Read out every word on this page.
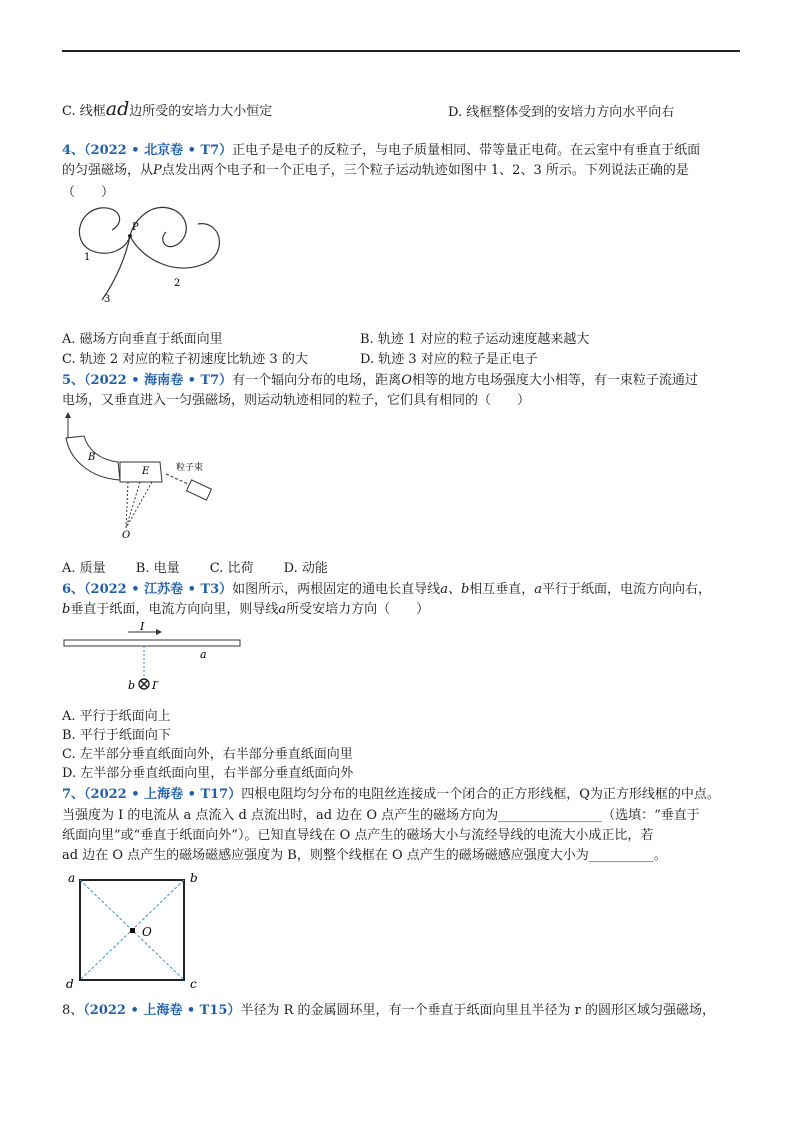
C. 线框ad边所受的安培力大小恒定	D. 线框整体受到的安培力方向水平向右
4、（2022 • 北京卷 • T7）正电子是电子的反粒子，与电子质量相同、带等量正电荷。在云室中有垂直于纸面
的匀强磁场，从P点发出两个电子和一个正电子，三个粒子运动轨迹如图中 1、2、3 所示。下列说法正确的是
（　　）
P
1
2
3
A. 磁场方向垂直于纸面向里	B. 轨迹 1 对应的粒子运动速度越来越大
C. 轨迹 2 对应的粒子初速度比轨迹 3 的大	D. 轨迹 3 对应的粒子是正电子
5、（2022 • 海南卷 • T7）有一个辐向分布的电场，距离O相等的地方电场强度大小相等，有一束粒子流通过
电场，又垂直进入一匀强磁场，则运动轨迹相同的粒子，它们具有相同的（　　）
B
E
O
粒子束
A. 质量　　 B. 电量　　 C. 比荷　　 D. 动能
6、（2022 • 江苏卷 • T3）如图所示，两根固定的通电长直导线a、b相互垂直，a平行于纸面，电流方向向右，
b垂直于纸面，电流方向向里，则导线a所受安培力方向（　　）
I
a
b I′
A. 平行于纸面向上
B. 平行于纸面向下
C. 左半部分垂直纸面向外，右半部分垂直纸面向里
D. 左半部分垂直纸面向里，右半部分垂直纸面向外
7、（2022 • 上海卷 • T17）四根电阻均匀分布的电阻丝连接成一个闭合的正方形线框，Q为正方形线框的中点。
当强度为 I 的电流从 a 点流入 d 点流出时，ad 边在 O 点产生的磁场方向为________________（选填：“垂直于
纸面向里”或“垂直于纸面向外”）。已知直导线在 O 点产生的磁场大小与流经导线的电流大小成正比，若
ad 边在 O 点产生的磁场磁感应强度为 B，则整个线框在 O 点产生的磁场磁感应强度大小为__________。
a	b
c
d
O
8、（2022 • 上海卷 • T15）半径为 R 的金属圆环里，有一个垂直于纸面向里且半径为 r 的圆形区域匀强磁场，
